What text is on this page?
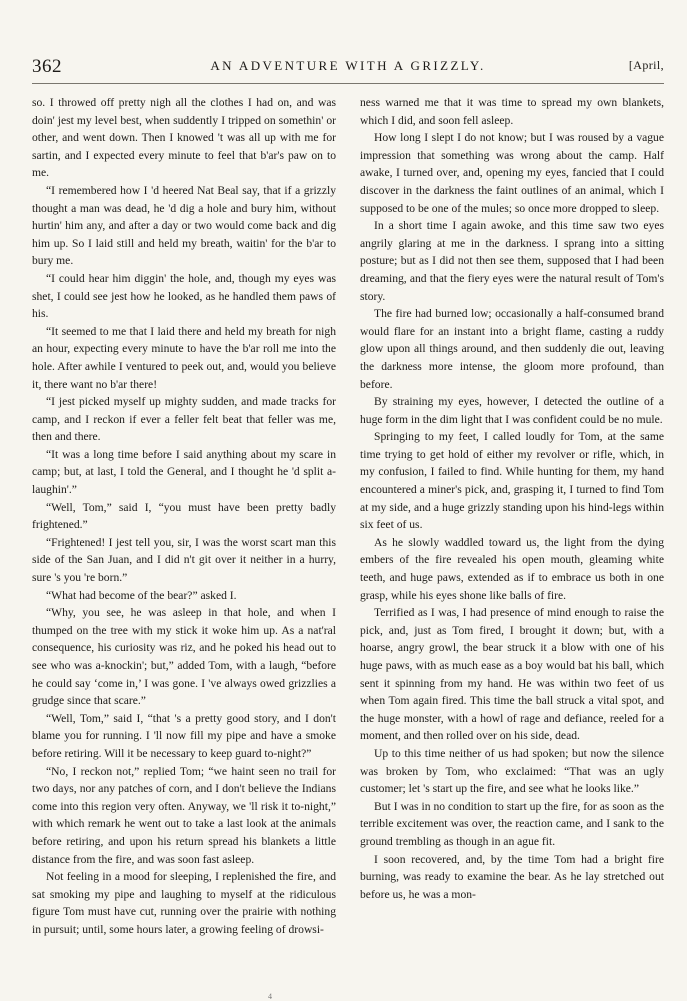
362	AN ADVENTURE WITH A GRIZZLY.	[April,

so. I throwed off pretty nigh all the clothes I had on, and was doin' jest my level best, when suddently I tripped on somethin' or other, and went down. Then I knowed 't was all up with me for sartin, and I expected every minute to feel that b'ar's paw on to me.

“I remembered how I 'd heered Nat Beal say, that if a grizzly thought a man was dead, he 'd dig a hole and bury him, without hurtin' him any, and after a day or two would come back and dig him up. So I laid still and held my breath, waitin' for the b'ar to bury me.

“I could hear him diggin' the hole, and, though my eyes was shet, I could see jest how he looked, as he handled them paws of his.

“It seemed to me that I laid there and held my breath for nigh an hour, expecting every minute to have the b'ar roll me into the hole. After awhile I ventured to peek out, and, would you believe it, there want no b'ar there!

“I jest picked myself up mighty sudden, and made tracks for camp, and I reckon if ever a feller felt beat that feller was me, then and there.

“It was a long time before I said anything about my scare in camp; but, at last, I told the General, and I thought he 'd split a-laughin'.”

“Well, Tom,” said I, “you must have been pretty badly frightened.”

“Frightened! I jest tell you, sir, I was the worst scart man this side of the San Juan, and I did n't git over it neither in a hurry, sure 's you 're born.”

“What had become of the bear?” asked I.

“Why, you see, he was asleep in that hole, and when I thumped on the tree with my stick it woke him up. As a nat'ral consequence, his curiosity was riz, and he poked his head out to see who was a-knockin'; but,” added Tom, with a laugh, “before he could say ‘come in,’ I was gone. I 've always owed grizzlies a grudge since that scare.”

“Well, Tom,” said I, “that 's a pretty good story, and I don't blame you for running. I 'll now fill my pipe and have a smoke before retiring. Will it be necessary to keep guard to-night?”

“No, I reckon not,” replied Tom; “we haint seen no trail for two days, nor any patches of corn, and I don't believe the Indians come into this region very often. Anyway, we 'll risk it to-night,” with which remark he went out to take a last look at the animals before retiring, and upon his return spread his blankets a little distance from the fire, and was soon fast asleep.

Not feeling in a mood for sleeping, I replenished the fire, and sat smoking my pipe and laughing to myself at the ridiculous figure Tom must have cut, running over the prairie with nothing in pursuit; until, some hours later, a growing feeling of drowsi-

ness warned me that it was time to spread my own blankets, which I did, and soon fell asleep.

How long I slept I do not know; but I was roused by a vague impression that something was wrong about the camp. Half awake, I turned over, and, opening my eyes, fancied that I could discover in the darkness the faint outlines of an animal, which I supposed to be one of the mules; so once more dropped to sleep.

In a short time I again awoke, and this time saw two eyes angrily glaring at me in the darkness. I sprang into a sitting posture; but as I did not then see them, supposed that I had been dreaming, and that the fiery eyes were the natural result of Tom's story.

The fire had burned low; occasionally a half-consumed brand would flare for an instant into a bright flame, casting a ruddy glow upon all things around, and then suddenly die out, leaving the darkness more intense, the gloom more profound, than before.

By straining my eyes, however, I detected the outline of a huge form in the dim light that I was confident could be no mule.

Springing to my feet, I called loudly for Tom, at the same time trying to get hold of either my revolver or rifle, which, in my confusion, I failed to find. While hunting for them, my hand encountered a miner's pick, and, grasping it, I turned to find Tom at my side, and a huge grizzly standing upon his hind-legs within six feet of us.

As he slowly waddled toward us, the light from the dying embers of the fire revealed his open mouth, gleaming white teeth, and huge paws, extended as if to embrace us both in one grasp, while his eyes shone like balls of fire.

Terrified as I was, I had presence of mind enough to raise the pick, and, just as Tom fired, I brought it down; but, with a hoarse, angry growl, the bear struck it a blow with one of his huge paws, with as much ease as a boy would bat his ball, which sent it spinning from my hand. He was within two feet of us when Tom again fired. This time the ball struck a vital spot, and the huge monster, with a howl of rage and defiance, reeled for a moment, and then rolled over on his side, dead.

Up to this time neither of us had spoken; but now the silence was broken by Tom, who exclaimed: “That was an ugly customer; let 's start up the fire, and see what he looks like.”

But I was in no condition to start up the fire, for as soon as the terrible excitement was over, the reaction came, and I sank to the ground trembling as though in an ague fit.

I soon recovered, and, by the time Tom had a bright fire burning, was ready to examine the bear. As he lay stretched out before us, he was a mon-

4
